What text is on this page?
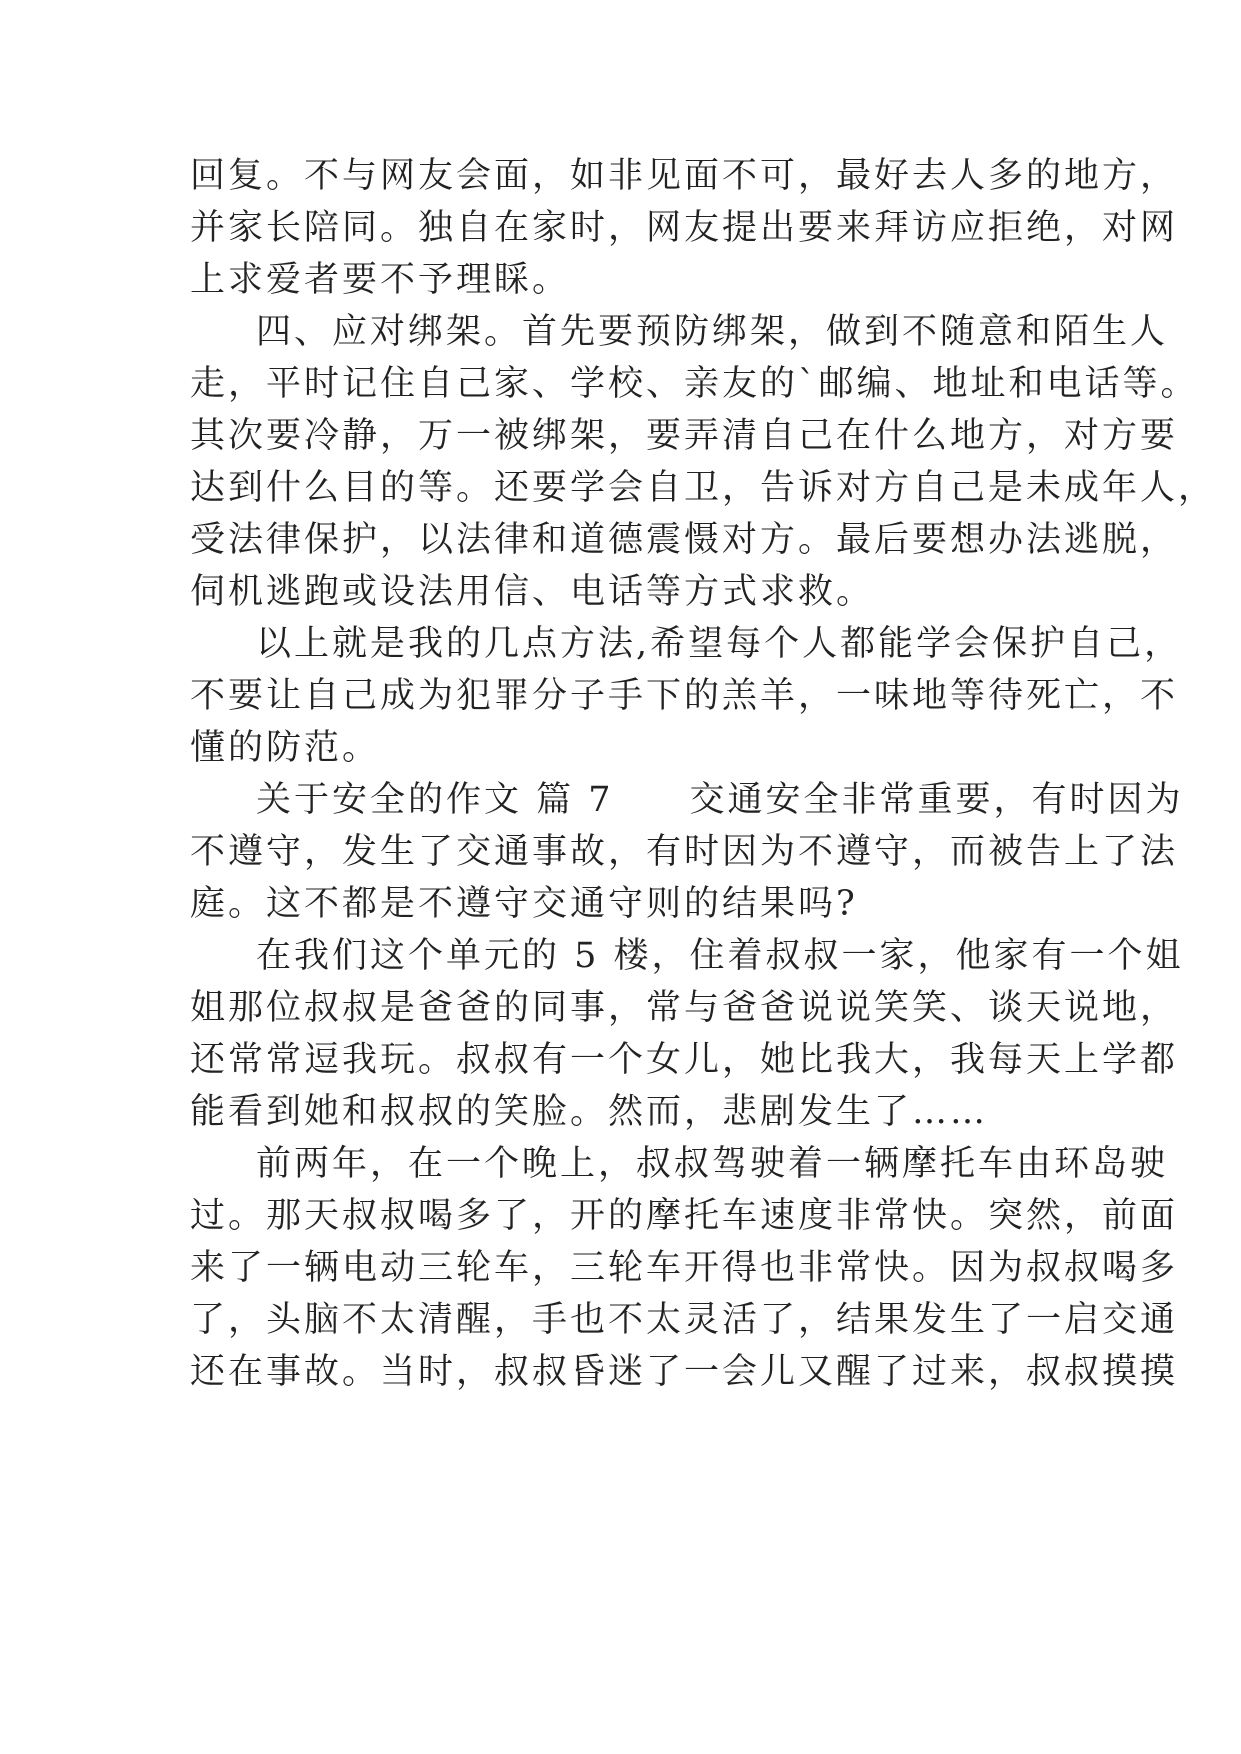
回复。不与网友会面，如非见面不可，最好去人多的地方，
并家长陪同。独自在家时，网友提出要来拜访应拒绝，对网
上求爱者要不予理睬。
四、应对绑架。首先要预防绑架，做到不随意和陌生人
走，平时记住自己家、学校、亲友的`邮编、地址和电话等。
其次要冷静，万一被绑架，要弄清自己在什么地方，对方要
达到什么目的等。还要学会自卫，告诉对方自己是未成年人，
受法律保护，以法律和道德震慑对方。最后要想办法逃脱，
伺机逃跑或设法用信、电话等方式求救。
以上就是我的几点方法,希望每个人都能学会保护自己，
不要让自己成为犯罪分子手下的羔羊，一味地等待死亡，不
懂的防范。
关于安全的作文 篇 7　　交通安全非常重要，有时因为
不遵守，发生了交通事故，有时因为不遵守，而被告上了法
庭。这不都是不遵守交通守则的结果吗?
在我们这个单元的 5 楼，住着叔叔一家，他家有一个姐
姐那位叔叔是爸爸的同事，常与爸爸说说笑笑、谈天说地，
还常常逗我玩。叔叔有一个女儿，她比我大，我每天上学都
能看到她和叔叔的笑脸。然而，悲剧发生了……
前两年，在一个晚上，叔叔驾驶着一辆摩托车由环岛驶
过。那天叔叔喝多了，开的摩托车速度非常快。突然，前面
来了一辆电动三轮车，三轮车开得也非常快。因为叔叔喝多
了，头脑不太清醒，手也不太灵活了，结果发生了一启交通
还在事故。当时，叔叔昏迷了一会儿又醒了过来，叔叔摸摸
